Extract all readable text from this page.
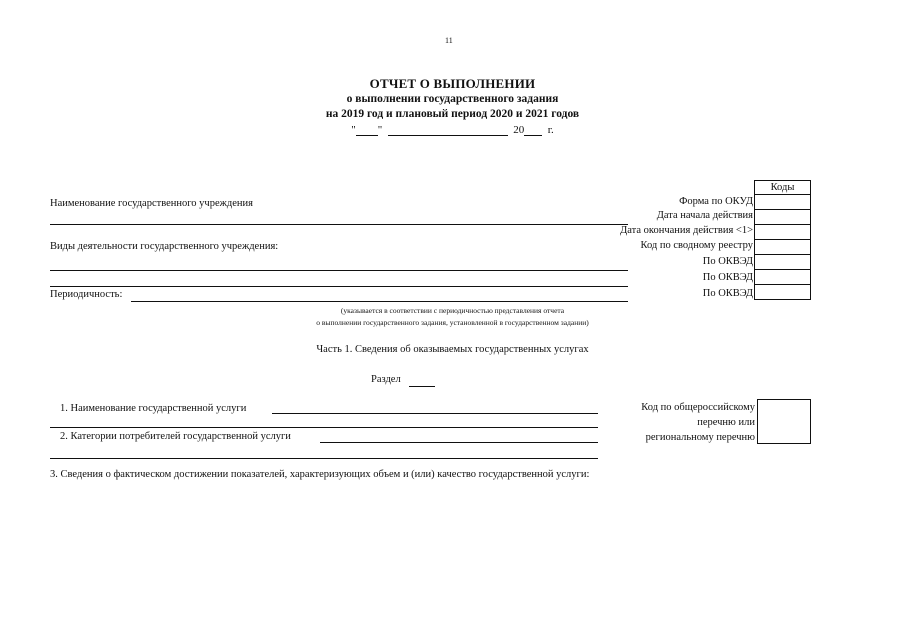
11
ОТЧЕТ О ВЫПОЛНЕНИИ
о выполнении государственного задания
на 2019 год и плановый период 2020 и 2021 годов
" "	20 г.
Наименование государственного учреждения
Виды деятельности государственного учреждения:
Периодичность:
(указывается в соответствии с периодичностью представления отчета
о выполнении государственного задания, установленной в государственном задании)
Форма по ОКУД
Дата начала действия
Дата окончания действия <1>
Код по сводному реестру
По ОКВЭД
По ОКВЭД
По ОКВЭД
Коды

Часть 1. Сведения об оказываемых государственных услугах
Раздел
1. Наименование государственной услуги
2. Категории потребителей государственной услуги
Код по общероссийскому
перечню или
региональному перечню
3. Сведения о фактическом достижении показателей, характеризующих объем и (или) качество государственной услуги:
